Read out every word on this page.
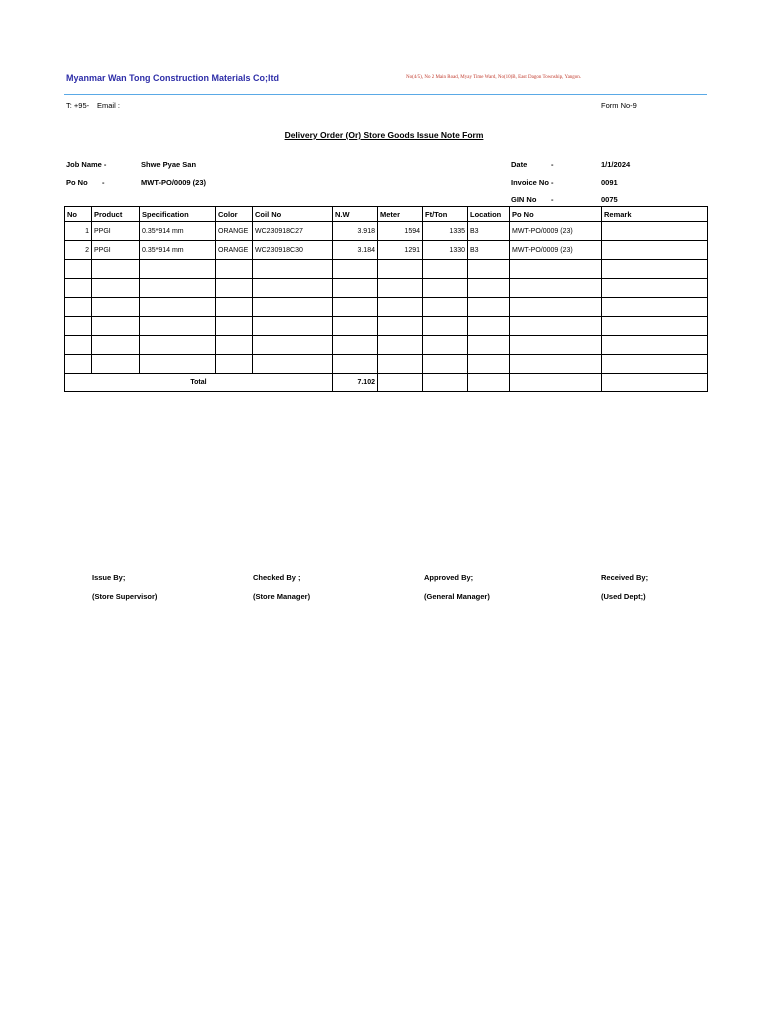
Myanmar Wan Tong Construction Materials Co;ltd	No(4/5), No 2 Main Road, Myay Time Ward, No(10)B, East Dagon Township, Yangon.
T: +95- Email :	Form No-9
Delivery Order (Or) Store Goods Issue Note Form
Job Name -	Shwe Pyae San
Po No -	MWT-PO/0009 (23)
Date	-	1/1/2024
Invoice No -	0091
GIN No -	0075
No	Product	Specification	Color	Coil No	N.W	Meter	Ft/Ton	Location	Po No	Remark
1	PPGI	0.35*914 mm	ORANGE	WC230918C27	3.918	1594	1335	B3	MWT-PO/0009 (23)	
2	PPGI	0.35*914 mm	ORANGE	WC230918C30	3.184	1291	1330	B3	MWT-PO/0009 (23)	

Total					7.102					
Issue By;
(Store Supervisor)
Checked By ;
(Store Manager)
Approved By;
(General Manager)
Received By;
(Used Dept;)
